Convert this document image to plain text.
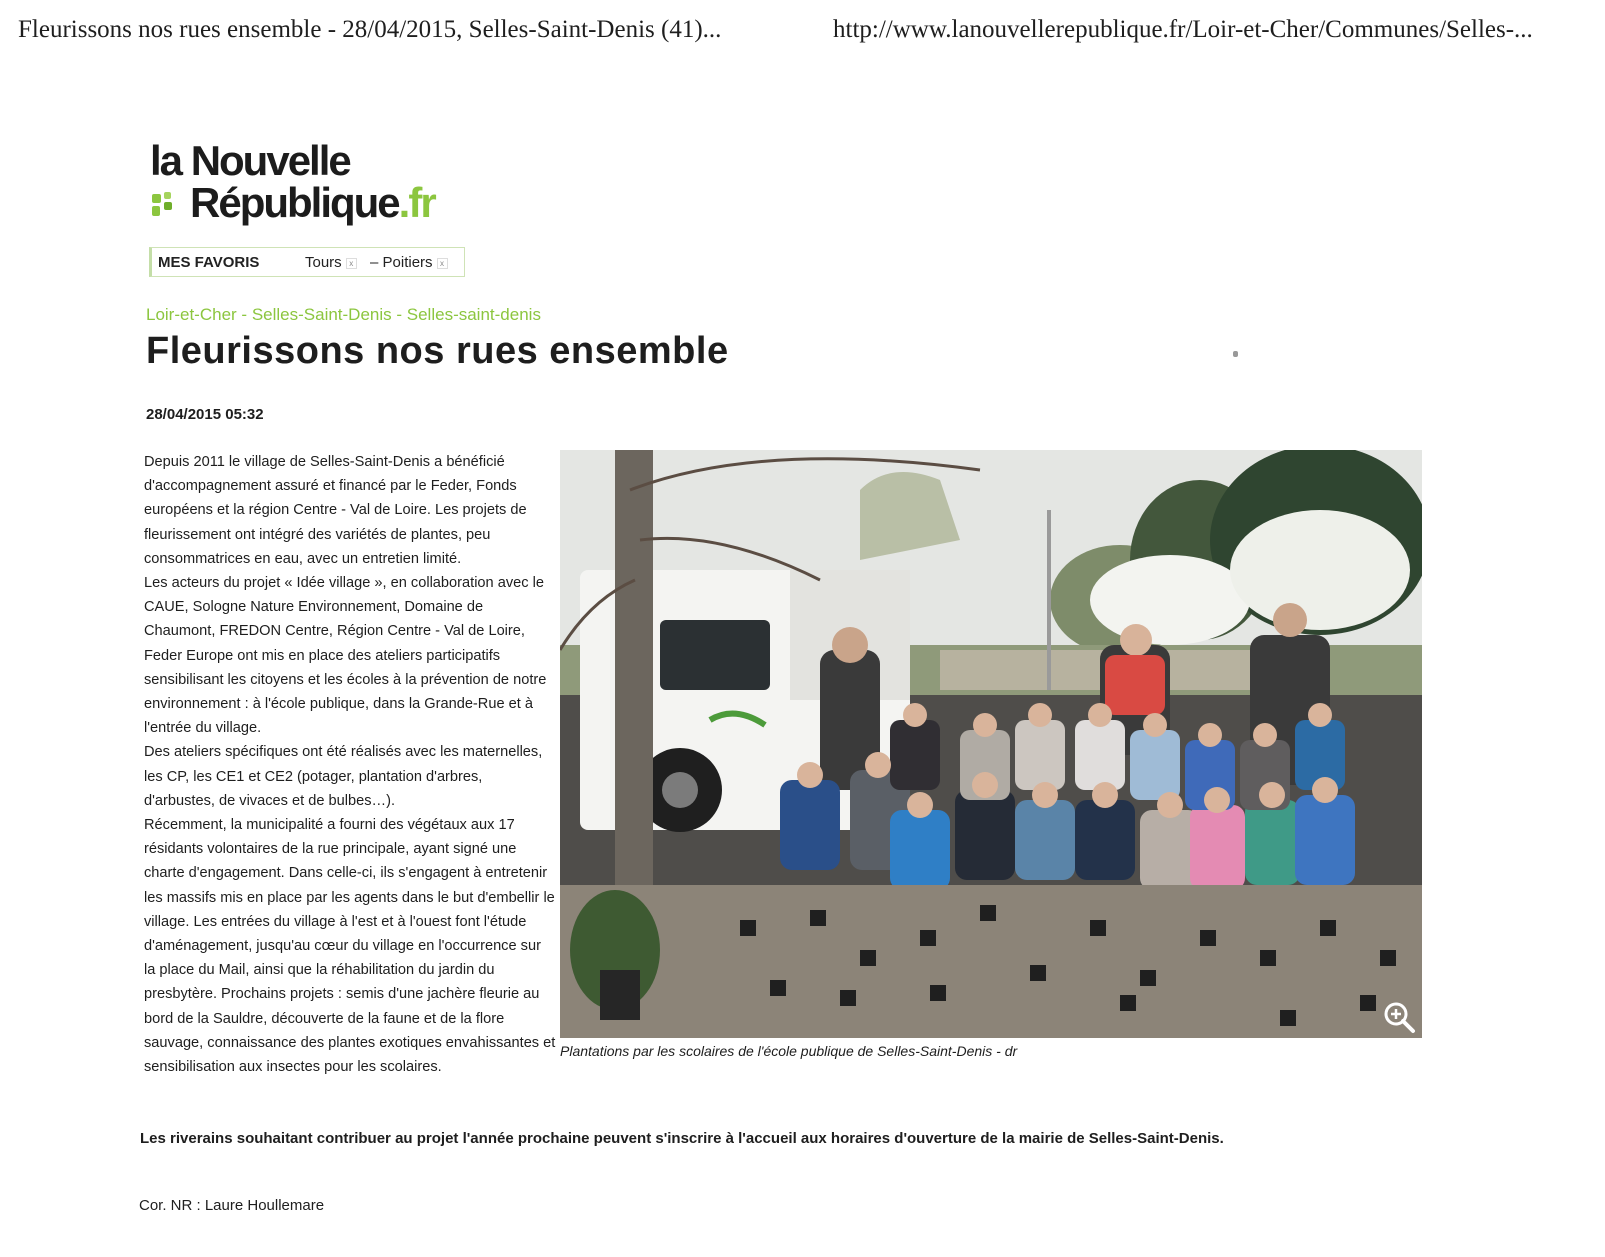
Fleurissons nos rues ensemble - 28/04/2015, Selles-Saint-Denis (41)...	http://www.lanouvellerepublique.fr/Loir-et-Cher/Communes/Selles-...
la Nouvelle
République.fr
MES FAVORIS	Tours x – Poitiers x
Loir-et-Cher - Selles-Saint-Denis - Selles-saint-denis
Fleurissons nos rues ensemble
28/04/2015 05:32

Depuis 2011 le village de Selles-Saint-Denis a bénéficié d'accompagnement assuré et financé par le Feder, Fonds européens et la région Centre - Val de Loire. Les projets de fleurissement ont intégré des variétés de plantes, peu consommatrices en eau, avec un entretien limité.

Les acteurs du projet « Idée village », en collaboration avec le CAUE, Sologne Nature Environnement, Domaine de Chaumont, FREDON Centre, Région Centre - Val de Loire, Feder Europe ont mis en place des ateliers participatifs sensibilisant les citoyens et les écoles à la prévention de notre environnement : à l'école publique, dans la Grande-Rue et à l'entrée du village.

Des ateliers spécifiques ont été réalisés avec les maternelles, les CP, les CE1 et CE2 (potager, plantation d'arbres, d'arbustes, de vivaces et de bulbes…).

Récemment, la municipalité a fourni des végétaux aux 17 résidants volontaires de la rue principale, ayant signé une charte d'engagement. Dans celle-ci, ils s'engagent à entretenir les massifs mis en place par les agents dans le but d'embellir le village. Les entrées du village à l'est et à l'ouest font l'étude d'aménagement, jusqu'au cœur du village en l'occurrence sur la place du Mail, ainsi que la réhabilitation du jardin du presbytère. Prochains projets : semis d'une jachère fleurie au bord de la Sauldre, découverte de la faune et de la flore sauvage, connaissance des plantes exotiques envahissantes et sensibilisation aux insectes pour les scolaires.

Plantations par les scolaires de l'école publique de Selles-Saint-Denis - dr
Les riverains souhaitant contribuer au projet l'année prochaine peuvent s'inscrire à l'accueil aux horaires d'ouverture de la mairie de Selles-Saint-Denis.
Cor. NR : Laure Houllemare
